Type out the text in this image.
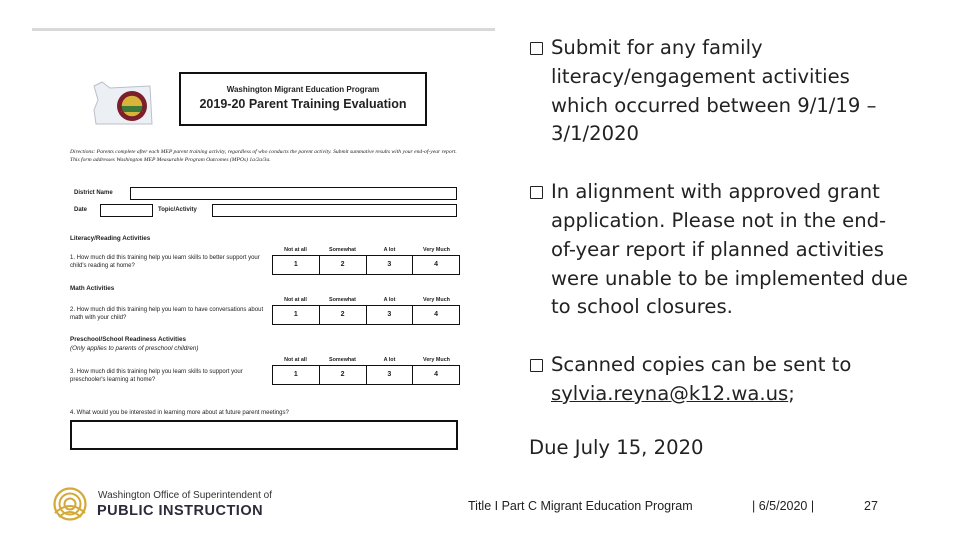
Washington Migrant Education Program
2019-20 Parent Training Evaluation
Directions: Parents complete after each MEP parent training activity, regardless of who conducts the parent activity. Submit summative results with your end-of-year report. This form addresses Washington MEP Measurable Program Outcomes (MPOs) 1a/2a/3a.
District Name
Date	Topic/Activity
Literacy/Reading Activities
1. How much did this training help you learn skills to better support your child's reading at home?
Not at all	Somewhat	A lot	Very Much
1	2	3	4
Math Activities
2. How much did this training help you learn to have conversations about math with your child?
Not at all	Somewhat	A lot	Very Much
1	2	3	4
Preschool/School Readiness Activities
(Only applies to parents of preschool children)
3. How much did this training help you learn skills to support your preschooler's learning at home?
Not at all	Somewhat	A lot	Very Much
1	2	3	4
4. What would you be interested in learning more about at future parent meetings?
Submit for any family literacy/engagement activities which occurred between 9/1/19 – 3/1/2020
In alignment with approved grant application. Please not in the end-of-year report if planned activities were unable to be implemented due to school closures.
Scanned copies can be sent to sylvia.reyna@k12.wa.us;
Due July 15, 2020
Washington Office of Superintendent of
PUBLIC INSTRUCTION	Title I Part C Migrant Education Program	| 6/5/2020 |	27
